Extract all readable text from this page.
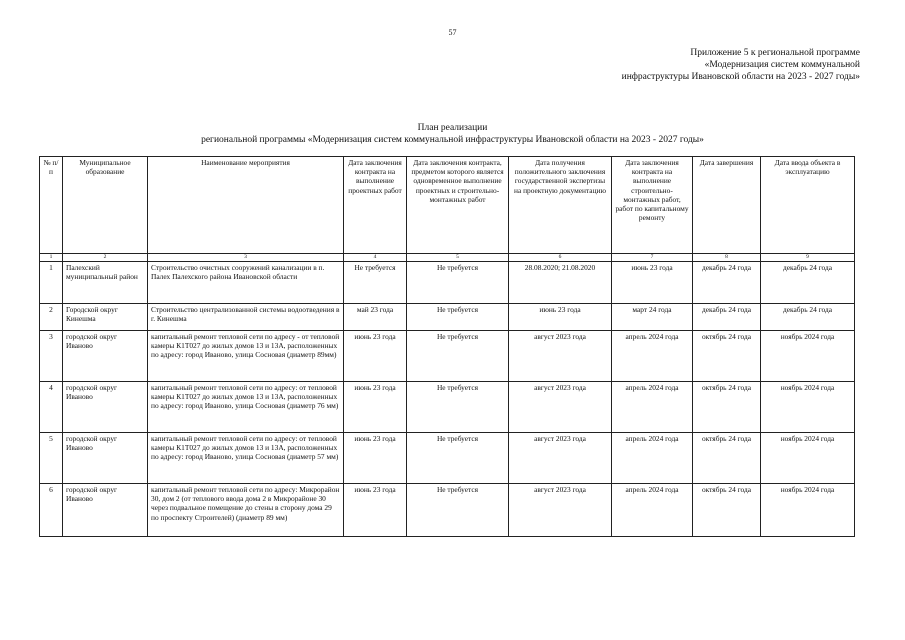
57
Приложение 5 к региональной программе
«Модернизация систем коммунальной
инфраструктуры Ивановской области на 2023 - 2027 годы»
План реализации
региональной программы «Модернизация систем коммунальной инфраструктуры Ивановской области на 2023 - 2027 годы»
№ п/п	Муниципальное образование	Наименование мероприятия	Дата заключения контракта на выполнение проектных работ	Дата заключения контракта, предметом которого является одновременное выполнение проектных и строительно-монтажных работ	Дата получения положительного заключения государственной экспертизы на проектную документацию	Дата заключения контракта на выполнение строительно-монтажных работ, работ по капитальному ремонту	Дата завершения	Дата ввода объекта в эксплуатацию
1	2	3	4	5	6	7	8	9
1	Палехский муниципальный район	Строительство очистных сооружений канализации в п. Палех Палехского района Ивановской области	Не требуется	Не требуется	28.08.2020; 21.08.2020	июнь 23 года	декабрь 24 года	декабрь 24 года
2	Городской округ Кинешма	Строительство централизованной системы водоотведения в г. Кинешма	май 23 года	Не требуется	июнь 23 года	март 24 года	декабрь 24 года	декабрь 24 года
3	городской округ Иваново	капитальный ремонт тепловой сети по адресу - от тепловой камеры К1Т027 до жилых домов 13 и 13А, расположенных по адресу: город Иваново, улица Сосновая (диаметр 89мм)	июнь 23 года	Не требуется	август 2023 года	апрель 2024 года	октябрь 24 года	ноябрь 2024 года
4	городской округ Иваново	капитальный ремонт тепловой сети по адресу: от тепловой камеры К1Т027 до жилых домов 13 и 13А, расположенных по адресу: город Иваново, улица Сосновая (диаметр 76 мм)	июнь 23 года	Не требуется	август 2023 года	апрель 2024 года	октябрь 24 года	ноябрь 2024 года
5	городской округ Иваново	капитальный ремонт тепловой сети по адресу: от тепловой камеры К1Т027 до жилых домов 13 и 13А, расположенных по адресу: город Иваново, улица Сосновая (диаметр 57 мм)	июнь 23 года	Не требуется	август 2023 года	апрель 2024 года	октябрь 24 года	ноябрь 2024 года
6	городской округ Иваново	капитальный ремонт тепловой сети по адресу: Микрорайон 30, дом 2 (от теплового ввода дома 2 в Микрорайоне 30 через подвальное помещение до стены в сторону дома 29 по проспекту Строителей) (диаметр 89 мм)	июнь 23 года	Не требуется	август 2023 года	апрель 2024 года	октябрь 24 года	ноябрь 2024 года
